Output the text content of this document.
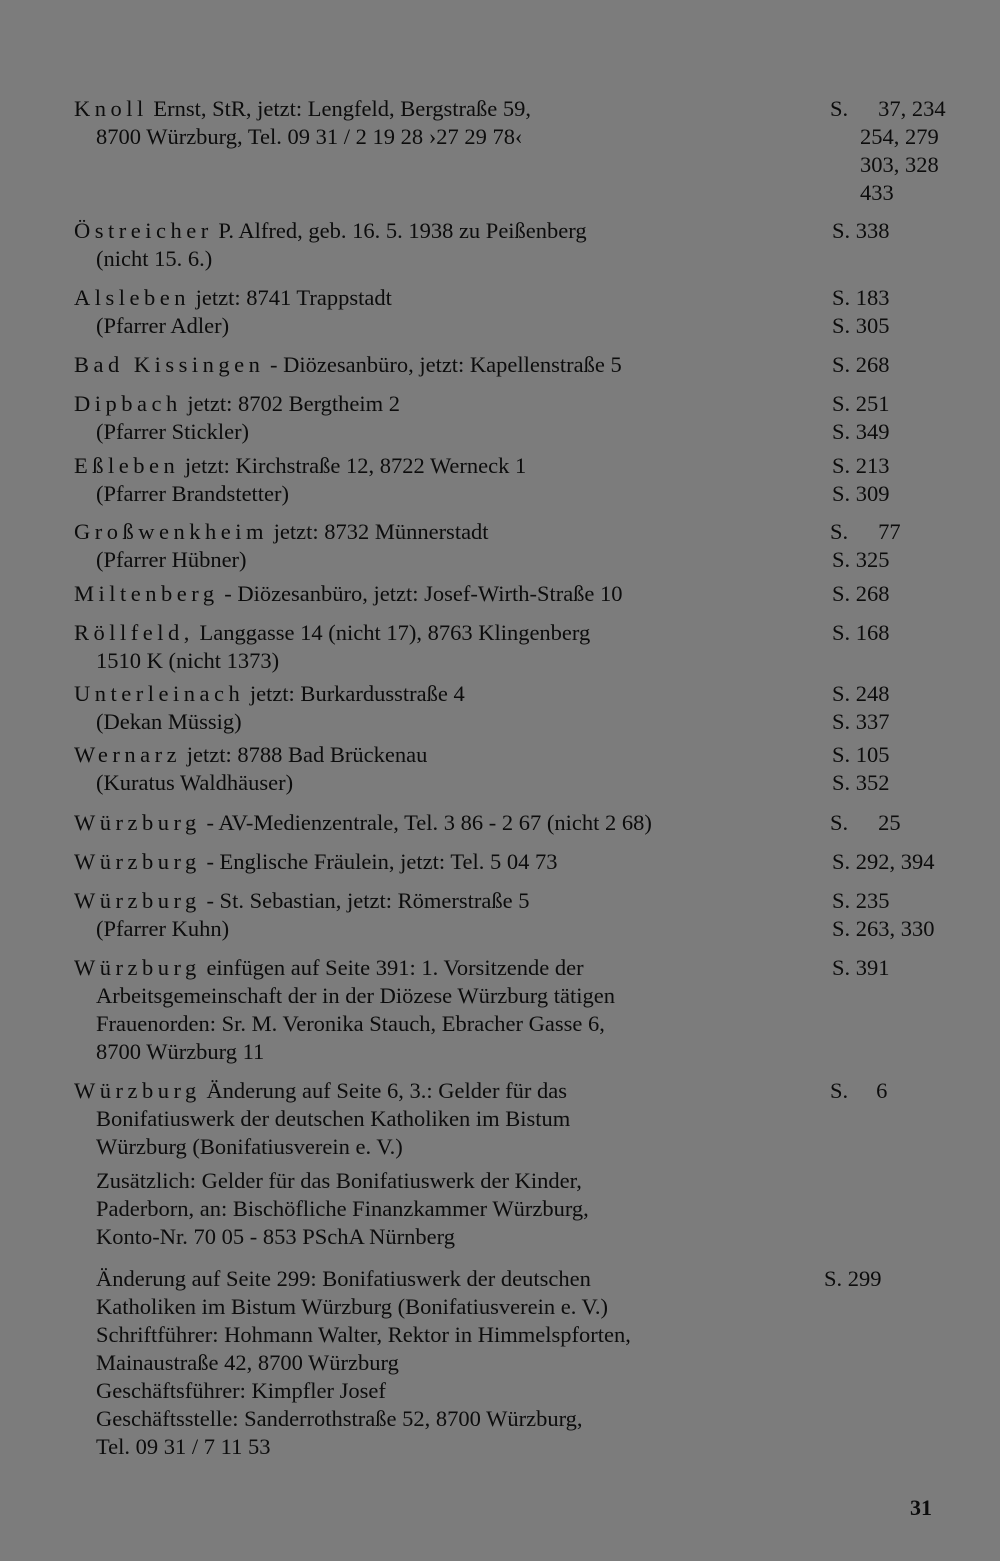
Knoll Ernst, StR, jetzt: Lengfeld, Bergstraße 59,	S. 37, 234
8700 Würzburg, Tel. 09 31 / 2 19 28 ›27 29 78‹	254, 279
303, 328
433
Östreicher P. Alfred, geb. 16. 5. 1938 zu Peißenberg	S. 338
(nicht 15. 6.)
Alsleben jetzt: 8741 Trappstadt	S. 183
(Pfarrer Adler)	S. 305
Bad Kissingen - Diözesanbüro, jetzt: Kapellenstraße 5	S. 268
Dipbach jetzt: 8702 Bergtheim 2	S. 251
(Pfarrer Stickler)	S. 349
Eßleben jetzt: Kirchstraße 12, 8722 Werneck 1	S. 213
(Pfarrer Brandstetter)	S. 309
Großwenkheim jetzt: 8732 Münnerstadt	S. 77
(Pfarrer Hübner)	S. 325
Miltenberg - Diözesanbüro, jetzt: Josef-Wirth-Straße 10	S. 268
Röllfeld, Langgasse 14 (nicht 17), 8763 Klingenberg	S. 168
1510 K (nicht 1373)
Unterleinach jetzt: Burkardusstraße 4	S. 248
(Dekan Müssig)	S. 337
Wernarz jetzt: 8788 Bad Brückenau	S. 105
(Kuratus Waldhäuser)	S. 352
Würzburg - AV-Medienzentrale, Tel. 3 86 - 2 67 (nicht 2 68)	S. 25
Würzburg - Englische Fräulein, jetzt: Tel. 5 04 73	S. 292, 394
Würzburg - St. Sebastian, jetzt: Römerstraße 5	S. 235
(Pfarrer Kuhn)	S. 263, 330
Würzburg einfügen auf Seite 391: 1. Vorsitzende der	S. 391
Arbeitsgemeinschaft der in der Diözese Würzburg tätigen
Frauenorden: Sr. M. Veronika Stauch, Ebracher Gasse 6,
8700 Würzburg 11
Würzburg Änderung auf Seite 6, 3.: Gelder für das	S. 6
Bonifatiuswerk der deutschen Katholiken im Bistum
Würzburg (Bonifatiusverein e. V.)
Zusätzlich: Gelder für das Bonifatiuswerk der Kinder,
Paderborn, an: Bischöfliche Finanzkammer Würzburg,
Konto-Nr. 70 05 - 853 PSchA Nürnberg
Änderung auf Seite 299: Bonifatiuswerk der deutschen	S. 299
Katholiken im Bistum Würzburg (Bonifatiusverein e. V.)
Schriftführer: Hohmann Walter, Rektor in Himmelspforten,
Mainaustraße 42, 8700 Würzburg
Geschäftsführer: Kimpfler Josef
Geschäftsstelle: Sanderrothstraße 52, 8700 Würzburg,
Tel. 09 31 / 7 11 53
31
